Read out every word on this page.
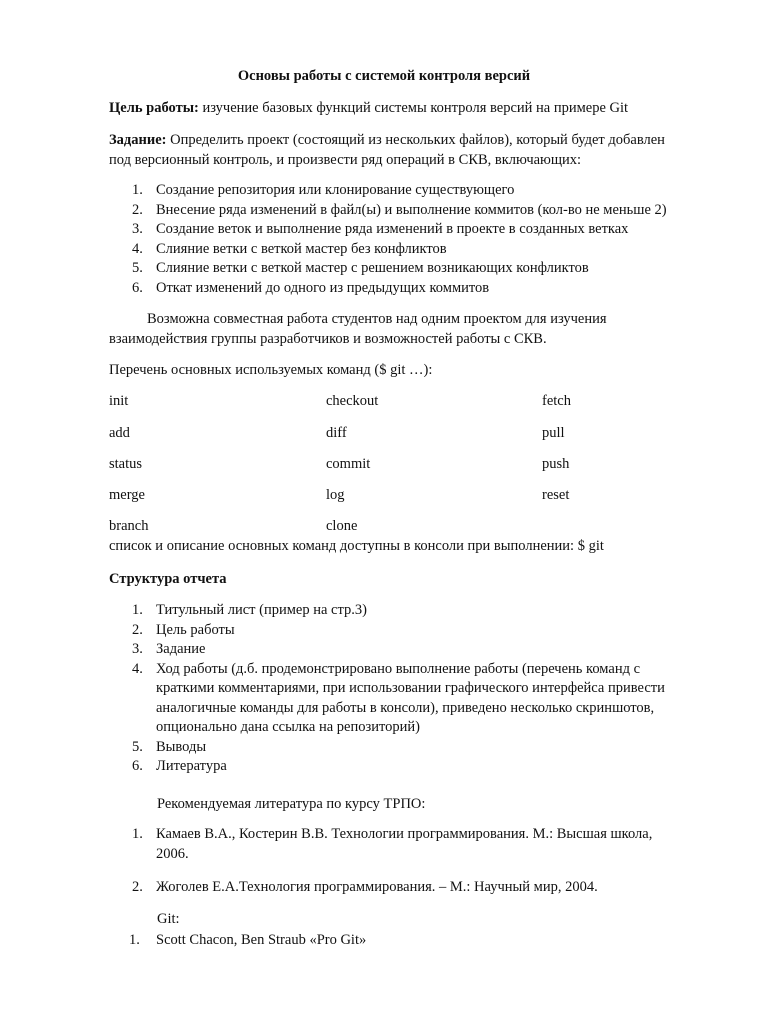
Основы работы с системой контроля версий
Цель работы: изучение базовых функций системы контроля версий на примере Git
Задание: Определить проект (состоящий из нескольких файлов), который будет добавлен
под версионный контроль, и произвести ряд операций в СКВ, включающих:
1. Создание репозитория или клонирование существующего
2. Внесение ряда изменений в файл(ы) и выполнение коммитов (кол-во не меньше 2)
3. Создание веток и выполнение ряда изменений в проекте в созданных ветках
4. Слияние ветки с веткой мастер без конфликтов
5. Слияние ветки с веткой мастер с решением возникающих конфликтов
6. Откат изменений до одного из предыдущих коммитов
Возможна совместная работа студентов над одним проектом для изучения
взаимодействия группы разработчиков и возможностей работы с СКВ.
Перечень основных используемых команд ($ git …):
init	checkout	fetch
add	diff	pull
status	commit	push
merge	log	reset
branch	clone
список и описание основных команд доступны в консоли при выполнении: $ git
Структура отчета
1. Титульный лист (пример на стр.3)
2. Цель работы
3. Задание
4. Ход работы (д.б. продемонстрировано выполнение работы (перечень команд с
краткими комментариями, при использовании графического интерфейса привести
аналогичные команды для работы в консоли), приведено несколько скриншотов,
опционально дана ссылка на репозиторий)
5. Выводы
6. Литература
Рекомендуемая литература по курсу ТРПО:
1. Камаев В.А., Костерин В.В. Технологии программирования. М.: Высшая школа,
2006.
2. Жоголев Е.А.Технология программирования. – М.: Научный мир, 2004.
Git:
1. Scott Chacon, Ben Straub «Pro Git»
